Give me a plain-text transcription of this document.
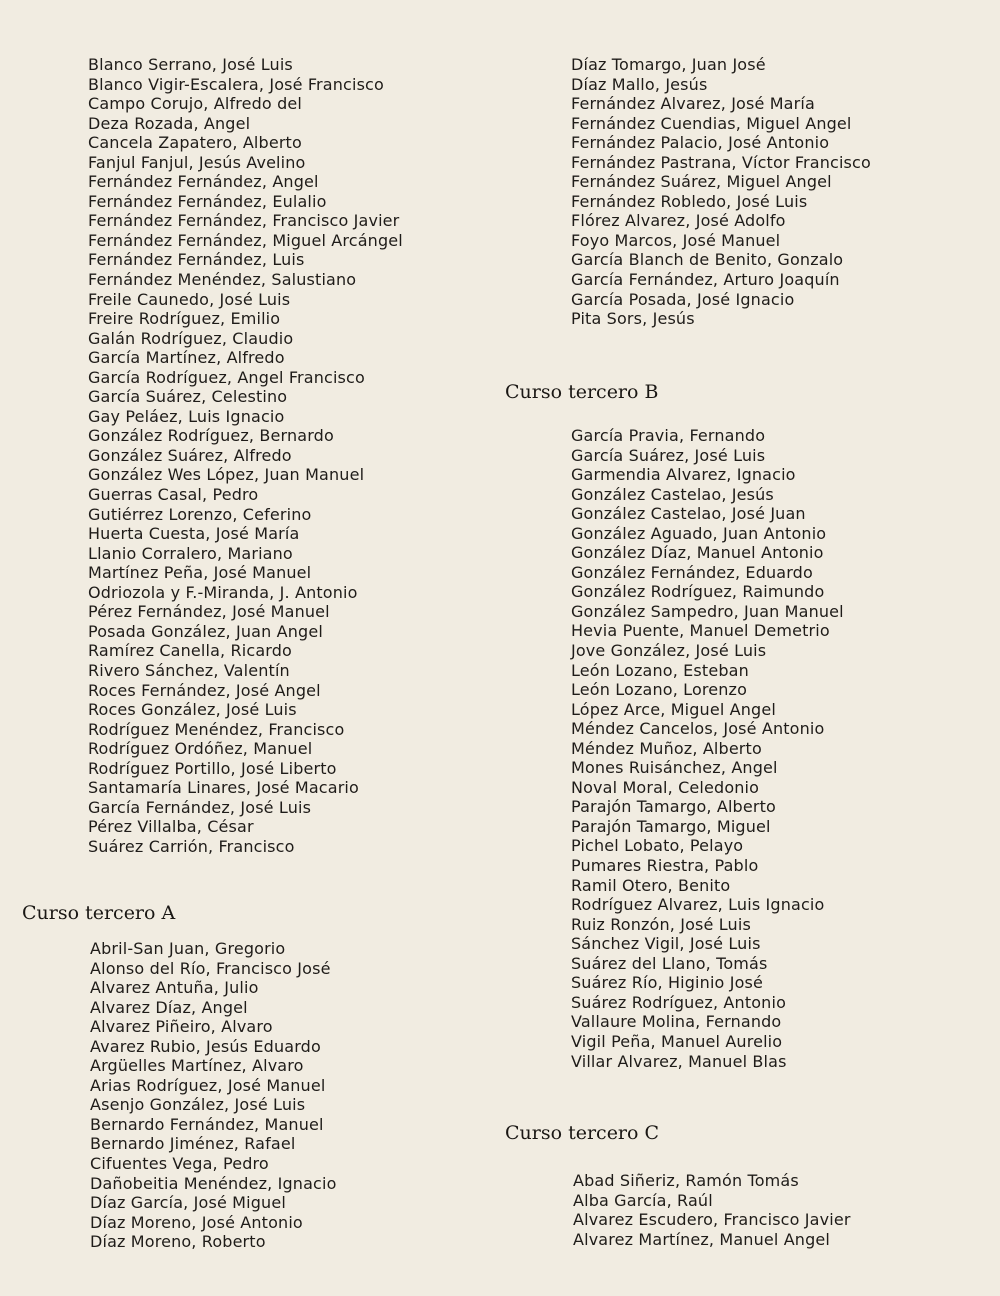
Blanco Serrano, José Luis
Blanco Vigir-Escalera, José Francisco
Campo Corujo, Alfredo del
Deza Rozada, Angel
Cancela Zapatero, Alberto
Fanjul Fanjul, Jesús Avelino
Fernández Fernández, Angel
Fernández Fernández, Eulalio
Fernández Fernández, Francisco Javier
Fernández Fernández, Miguel Arcángel
Fernández Fernández, Luis
Fernández Menéndez, Salustiano
Freile Caunedo, José Luis
Freire Rodríguez, Emilio
Galán Rodríguez, Claudio
García Martínez, Alfredo
García Rodríguez, Angel Francisco
García Suárez, Celestino
Gay Peláez, Luis Ignacio
González Rodríguez, Bernardo
González Suárez, Alfredo
González Wes López, Juan Manuel
Guerras Casal, Pedro
Gutiérrez Lorenzo, Ceferino
Huerta Cuesta, José María
Llanio Corralero, Mariano
Martínez Peña, José Manuel
Odriozola y F.-Miranda, J. Antonio
Pérez Fernández, José Manuel
Posada González, Juan Angel
Ramírez Canella, Ricardo
Rivero Sánchez, Valentín
Roces Fernández, José Angel
Roces González, José Luis
Rodríguez Menéndez, Francisco
Rodríguez Ordóñez, Manuel
Rodríguez Portillo, José Liberto
Santamaría Linares, José Macario
García Fernández, José Luis
Pérez Villalba, César
Suárez Carrión, Francisco
Curso tercero A
Abril-San Juan, Gregorio
Alonso del Río, Francisco José
Alvarez Antuña, Julio
Alvarez Díaz, Angel
Alvarez Piñeiro, Alvaro
Avarez Rubio, Jesús Eduardo
Argüelles Martínez, Alvaro
Arias Rodríguez, José Manuel
Asenjo González, José Luis
Bernardo Fernández, Manuel
Bernardo Jiménez, Rafael
Cifuentes Vega, Pedro
Dañobeitia Menéndez, Ignacio
Díaz García, José Miguel
Díaz Moreno, José Antonio
Díaz Moreno, Roberto
Díaz Tomargo, Juan José
Díaz Mallo, Jesús
Fernández Alvarez, José María
Fernández Cuendias, Miguel Angel
Fernández Palacio, José Antonio
Fernández Pastrana, Víctor Francisco
Fernández Suárez, Miguel Angel
Fernández Robledo, José Luis
Flórez Alvarez, José Adolfo
Foyo Marcos, José Manuel
García Blanch de Benito, Gonzalo
García Fernández, Arturo Joaquín
García Posada, José Ignacio
Pita Sors, Jesús
Curso tercero B
García Pravia, Fernando
García Suárez, José Luis
Garmendia Alvarez, Ignacio
González Castelao, Jesús
González Castelao, José Juan
González Aguado, Juan Antonio
González Díaz, Manuel Antonio
González Fernández, Eduardo
González Rodríguez, Raimundo
González Sampedro, Juan Manuel
Hevia Puente, Manuel Demetrio
Jove González, José Luis
León Lozano, Esteban
León Lozano, Lorenzo
López Arce, Miguel Angel
Méndez Cancelos, José Antonio
Méndez Muñoz, Alberto
Mones Ruisánchez, Angel
Noval Moral, Celedonio
Parajón Tamargo, Alberto
Parajón Tamargo, Miguel
Pichel Lobato, Pelayo
Pumares Riestra, Pablo
Ramil Otero, Benito
Rodríguez Alvarez, Luis Ignacio
Ruiz Ronzón, José Luis
Sánchez Vigil, José Luis
Suárez del Llano, Tomás
Suárez Río, Higinio José
Suárez Rodríguez, Antonio
Vallaure Molina, Fernando
Vigil Peña, Manuel Aurelio
Villar Alvarez, Manuel Blas
Curso tercero C
Abad Siñeriz, Ramón Tomás
Alba García, Raúl
Alvarez Escudero, Francisco Javier
Alvarez Martínez, Manuel Angel
